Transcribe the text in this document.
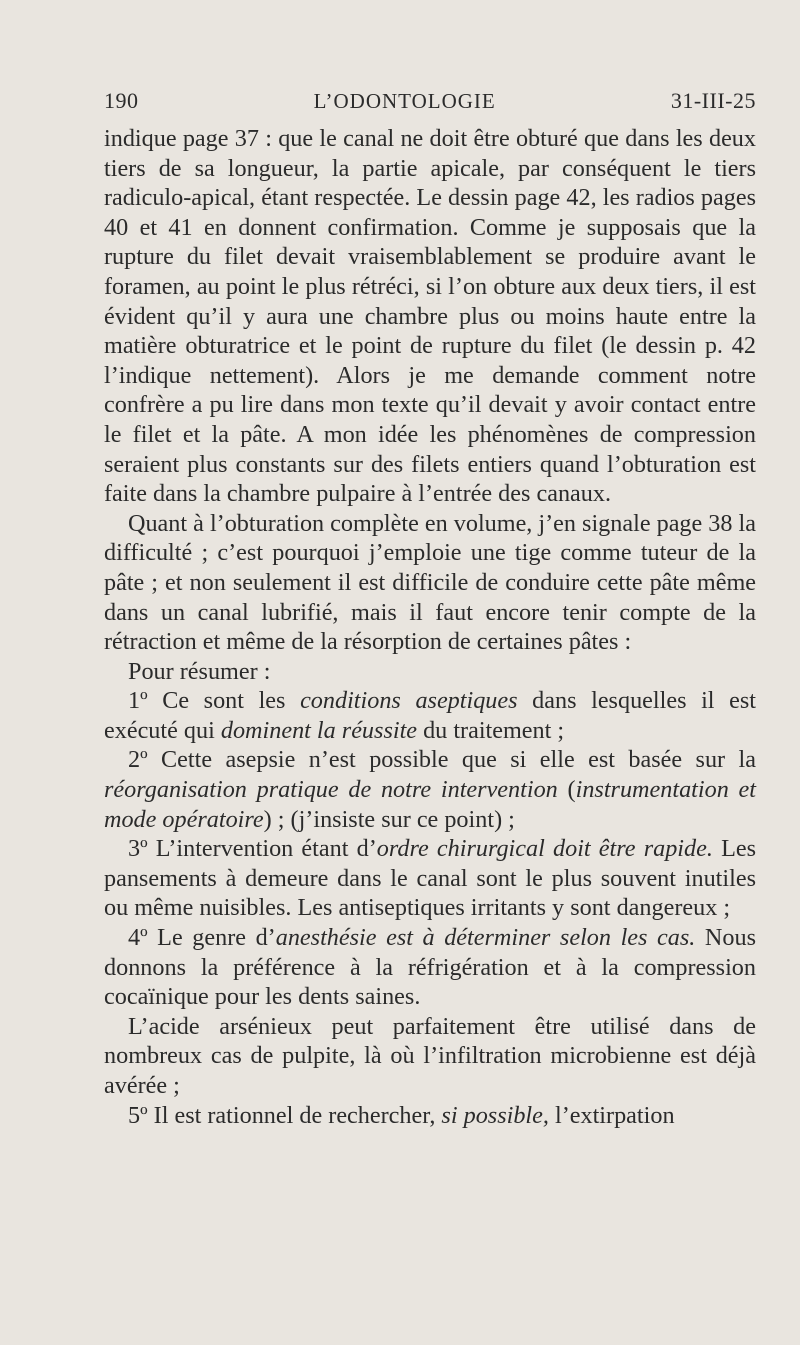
190	L’ODONTOLOGIE	31-III-25

indique page 37 : que le canal ne doit être obturé que dans les deux tiers de sa longueur, la partie apicale, par conséquent le tiers radiculo-apical, étant respectée. Le dessin page 42, les radios pages 40 et 41 en donnent confirmation. Comme je supposais que la rupture du filet devait vraisemblablement se produire avant le foramen, au point le plus rétréci, si l’on obture aux deux tiers, il est évident qu’il y aura une chambre plus ou moins haute entre la matière obturatrice et le point de rupture du filet (le dessin p. 42 l’indique nettement). Alors je me demande comment notre confrère a pu lire dans mon texte qu’il devait y avoir contact entre le filet et la pâte. A mon idée les phénomènes de compression seraient plus constants sur des filets entiers quand l’obturation est faite dans la chambre pulpaire à l’entrée des canaux.

Quant à l’obturation complète en volume, j’en signale page 38 la difficulté ; c’est pourquoi j’emploie une tige comme tuteur de la pâte ; et non seulement il est difficile de conduire cette pâte même dans un canal lubrifié, mais il faut encore tenir compte de la rétraction et même de la résorption de certaines pâtes :

Pour résumer :

1º Ce sont les conditions aseptiques dans lesquelles il est exécuté qui dominent la réussite du traitement ;

2º Cette asepsie n’est possible que si elle est basée sur la réorganisation pratique de notre intervention (instrumentation et mode opératoire) ; (j’insiste sur ce point) ;

3º L’intervention étant d’ordre chirurgical doit être rapide. Les pansements à demeure dans le canal sont le plus souvent inutiles ou même nuisibles. Les antiseptiques irritants y sont dangereux ;

4º Le genre d’anesthésie est à déterminer selon les cas. Nous donnons la préférence à la réfrigération et à la compression cocaïnique pour les dents saines.

L’acide arsénieux peut parfaitement être utilisé dans de nombreux cas de pulpite, là où l’infiltration microbienne est déjà avérée ;

5º Il est rationnel de rechercher, si possible, l’extirpation
